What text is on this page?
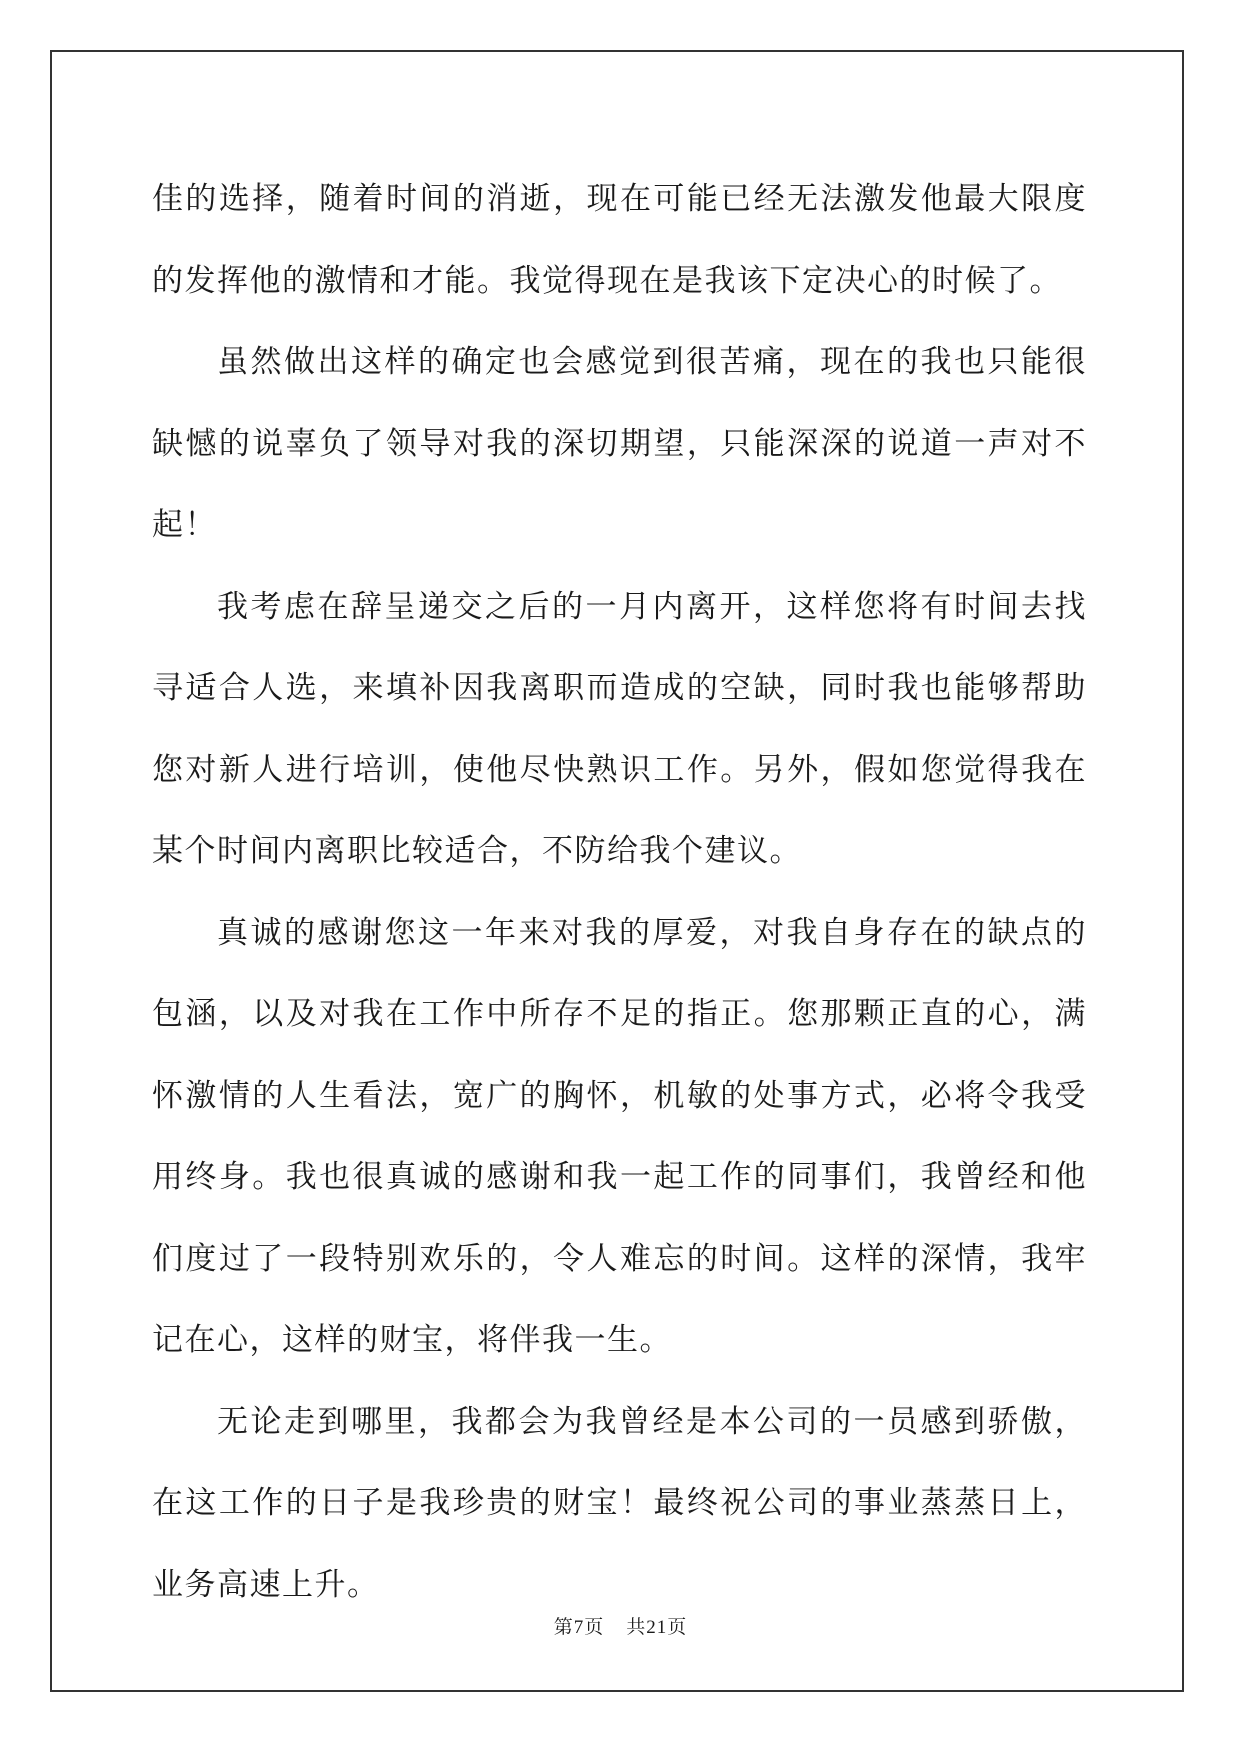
佳的选择，随着时间的消逝，现在可能已经无法激发他最大限度的发挥他的激情和才能。我觉得现在是我该下定决心的时候了。

虽然做出这样的确定也会感觉到很苦痛，现在的我也只能很缺憾的说辜负了领导对我的深切期望，只能深深的说道一声对不起！

我考虑在辞呈递交之后的一月内离开，这样您将有时间去找寻适合人选，来填补因我离职而造成的空缺，同时我也能够帮助您对新人进行培训，使他尽快熟识工作。另外，假如您觉得我在某个时间内离职比较适合，不防给我个建议。

真诚的感谢您这一年来对我的厚爱，对我自身存在的缺点的包涵，以及对我在工作中所存不足的指正。您那颗正直的心，满怀激情的人生看法，宽广的胸怀，机敏的处事方式，必将令我受用终身。我也很真诚的感谢和我一起工作的同事们，我曾经和他们度过了一段特别欢乐的，令人难忘的时间。这样的深情，我牢记在心，这样的财宝，将伴我一生。

无论走到哪里，我都会为我曾经是本公司的一员感到骄傲，在这工作的日子是我珍贵的财宝！最终祝公司的事业蒸蒸日上，业务高速上升。

第7页 共21页
